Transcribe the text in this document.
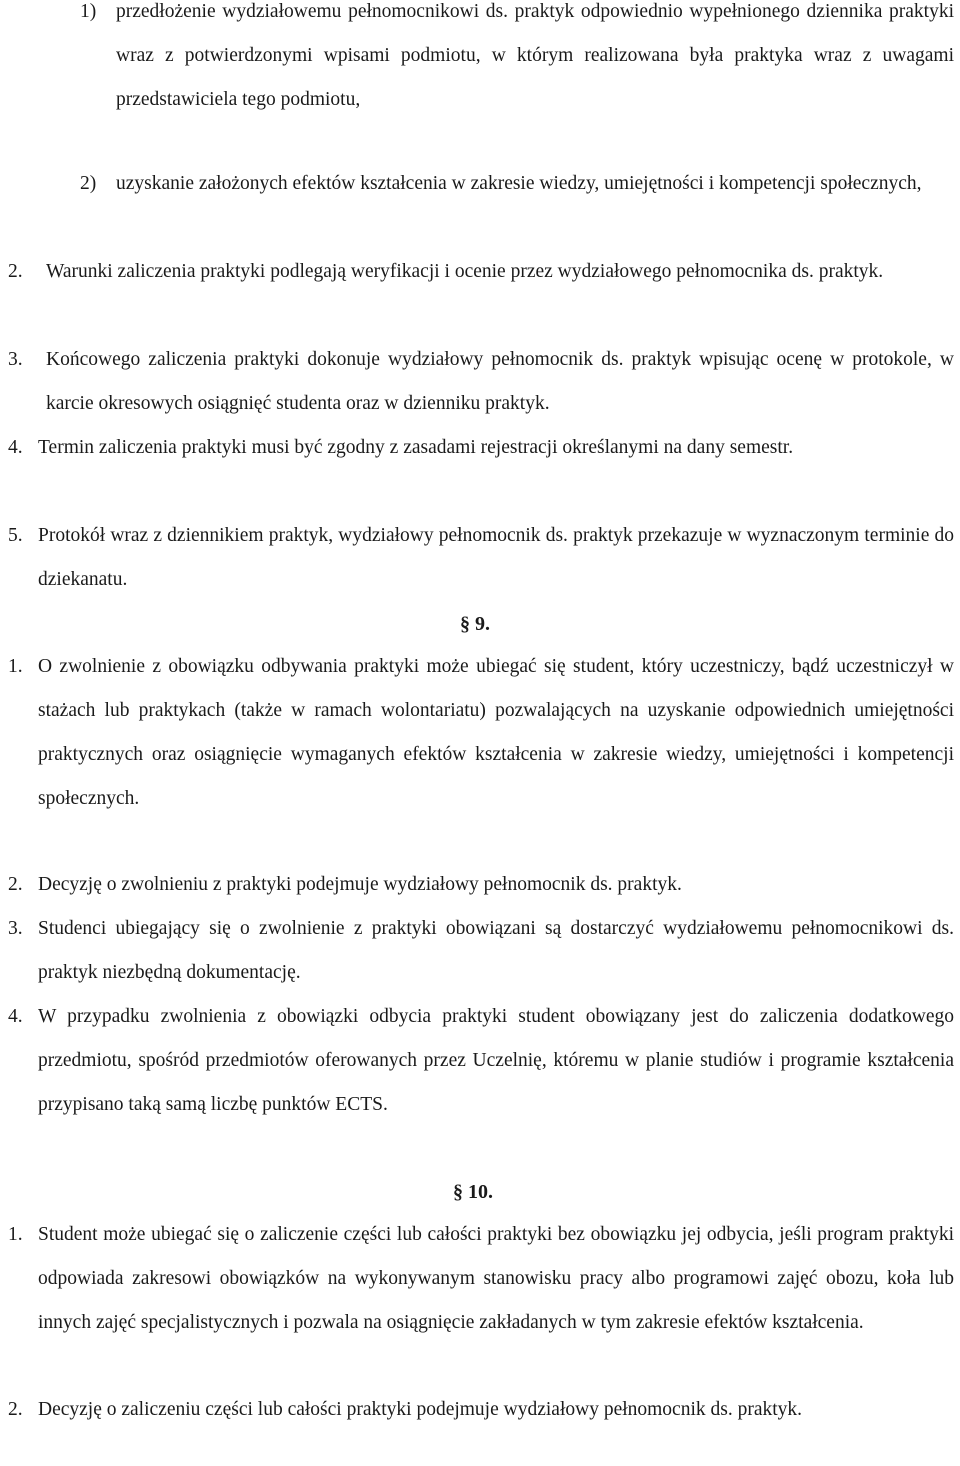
1)	przedłożenie wydziałowemu pełnomocnikowi ds. praktyk odpowiednio wypełnionego dziennika praktyki wraz z potwierdzonymi wpisami podmiotu, w którym realizowana była praktyka wraz z uwagami przedstawiciela tego podmiotu,
2)	uzyskanie założonych efektów kształcenia w zakresie wiedzy, umiejętności i kompetencji społecznych,
2.	Warunki zaliczenia praktyki podlegają weryfikacji i ocenie przez wydziałowego pełnomocnika ds. praktyk.
3.	Końcowego zaliczenia praktyki dokonuje wydziałowy pełnomocnik ds. praktyk wpisując ocenę w protokole, w karcie okresowych osiągnięć studenta oraz w dzienniku praktyk.
4. Termin zaliczenia praktyki musi być zgodny z zasadami rejestracji określanymi na dany semestr.
5. Protokół wraz z dziennikiem praktyk, wydziałowy pełnomocnik ds. praktyk przekazuje w wyznaczonym terminie do dziekanatu.
§ 9.
1. O zwolnienie z obowiązku odbywania praktyki może ubiegać się student, który uczestniczy, bądź uczestniczył w stażach lub praktykach (także w ramach wolontariatu) pozwalających na uzyskanie odpowiednich umiejętności praktycznych oraz osiągnięcie wymaganych efektów kształcenia w zakresie wiedzy, umiejętności i kompetencji społecznych.
2. Decyzję o zwolnieniu z praktyki podejmuje wydziałowy pełnomocnik ds. praktyk.
3. Studenci ubiegający się o zwolnienie z praktyki obowiązani są dostarczyć wydziałowemu pełnomocnikowi ds. praktyk niezbędną dokumentację.
4. W przypadku zwolnienia z obowiązki odbycia praktyki student obowiązany jest do zaliczenia dodatkowego przedmiotu, spośród przedmiotów oferowanych przez Uczelnię, któremu w planie studiów i programie kształcenia przypisano taką samą liczbę punktów ECTS.
§ 10.
1. Student może ubiegać się o zaliczenie części lub całości praktyki bez obowiązku jej odbycia, jeśli program praktyki odpowiada zakresowi obowiązków na wykonywanym stanowisku pracy albo programowi zajęć obozu, koła lub innych zajęć specjalistycznych i pozwala na osiągnięcie zakładanych w tym zakresie efektów kształcenia.
2. Decyzję o zaliczeniu części lub całości praktyki podejmuje wydziałowy pełnomocnik ds. praktyk.
